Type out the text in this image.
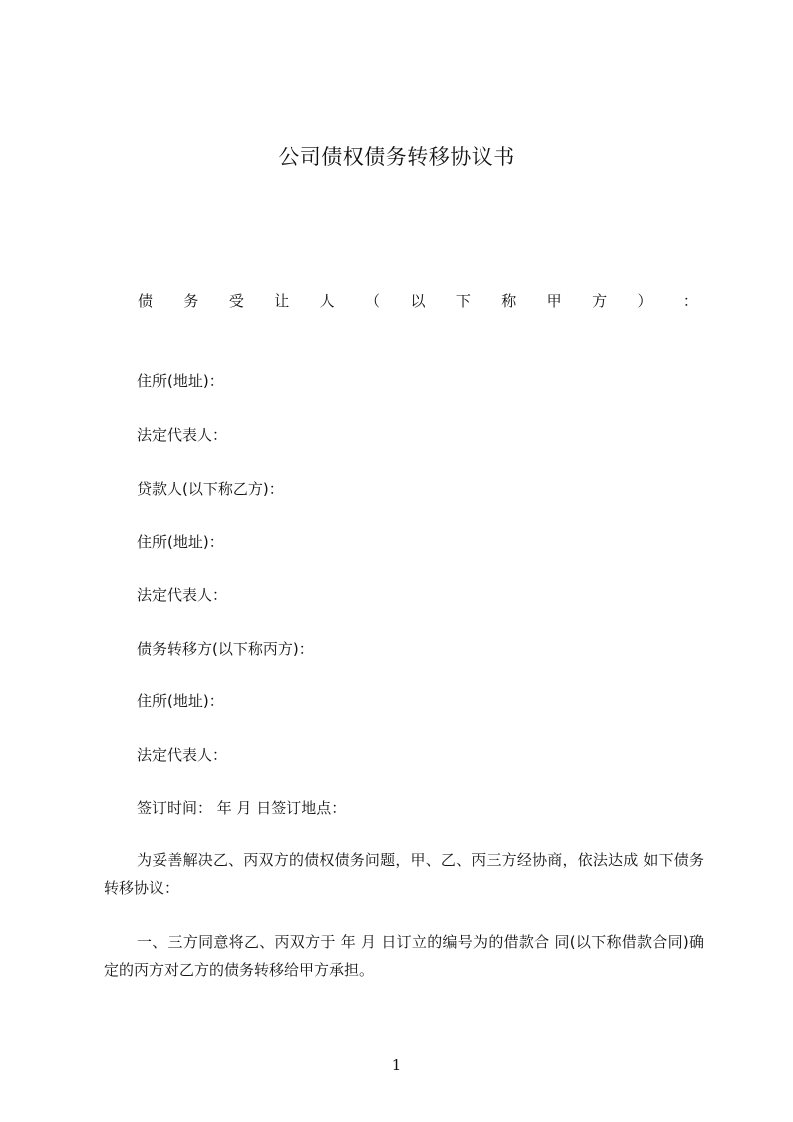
公司债权债务转移协议书
债 务 受 让 人 （ 以 下 称 甲 方 ） ：
住所(地址)：
法定代表人：
贷款人(以下称乙方)：
住所(地址)：
法定代表人：
债务转移方(以下称丙方)：
住所(地址)：
法定代表人：
签订时间： 年 月 日签订地点：
为妥善解决乙、丙双方的债权债务问题，甲、乙、丙三方经协商，依法达成 如下债务转移协议：
一、三方同意将乙、丙双方于 年 月 日订立的编号为的借款合 同(以下称借款合同)确定的丙方对乙方的债务转移给甲方承担。
1
